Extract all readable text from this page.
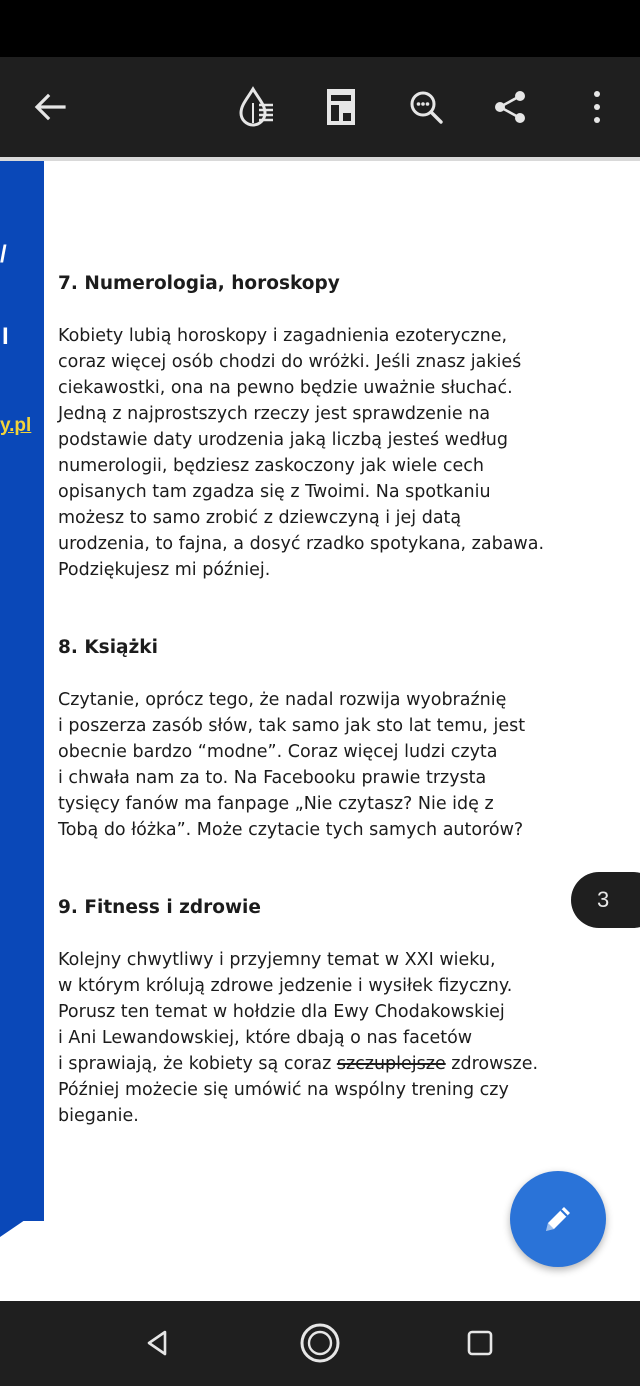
/
I
y.pl

7. Numerologia, horoskopy

Kobiety lubią horoskopy i zagadnienia ezoteryczne,

coraz więcej osób chodzi do wróżki. Jeśli znasz jakieś

ciekawostki, ona na pewno będzie uważnie słuchać.

Jedną z najprostszych rzeczy jest sprawdzenie na

podstawie daty urodzenia jaką liczbą jesteś według

numerologii, będziesz zaskoczony jak wiele cech

opisanych tam zgadza się z Twoimi. Na spotkaniu

możesz to samo zrobić z dziewczyną i jej datą

urodzenia, to fajna, a dosyć rzadko spotykana, zabawa.

Podziękujesz mi później.

8. Książki

Czytanie, oprócz tego, że nadal rozwija wyobraźnię

i poszerza zasób słów, tak samo jak sto lat temu, jest

obecnie bardzo “modne”. Coraz więcej ludzi czyta

i chwała nam za to. Na Facebooku prawie trzysta

tysięcy fanów ma fanpage „Nie czytasz? Nie idę z

Tobą do łóżka”. Może czytacie tych samych autorów?

9. Fitness i zdrowie

Kolejny chwytliwy i przyjemny temat w XXI wieku,

w którym królują zdrowe jedzenie i wysiłek fizyczny.

Porusz ten temat w hołdzie dla Ewy Chodakowskiej

i Ani Lewandowskiej, które dbają o nas facetów

i sprawiają, że kobiety są coraz szczuplejsze zdrowsze.

Później możecie się umówić na wspólny trening czy

bieganie.

3
